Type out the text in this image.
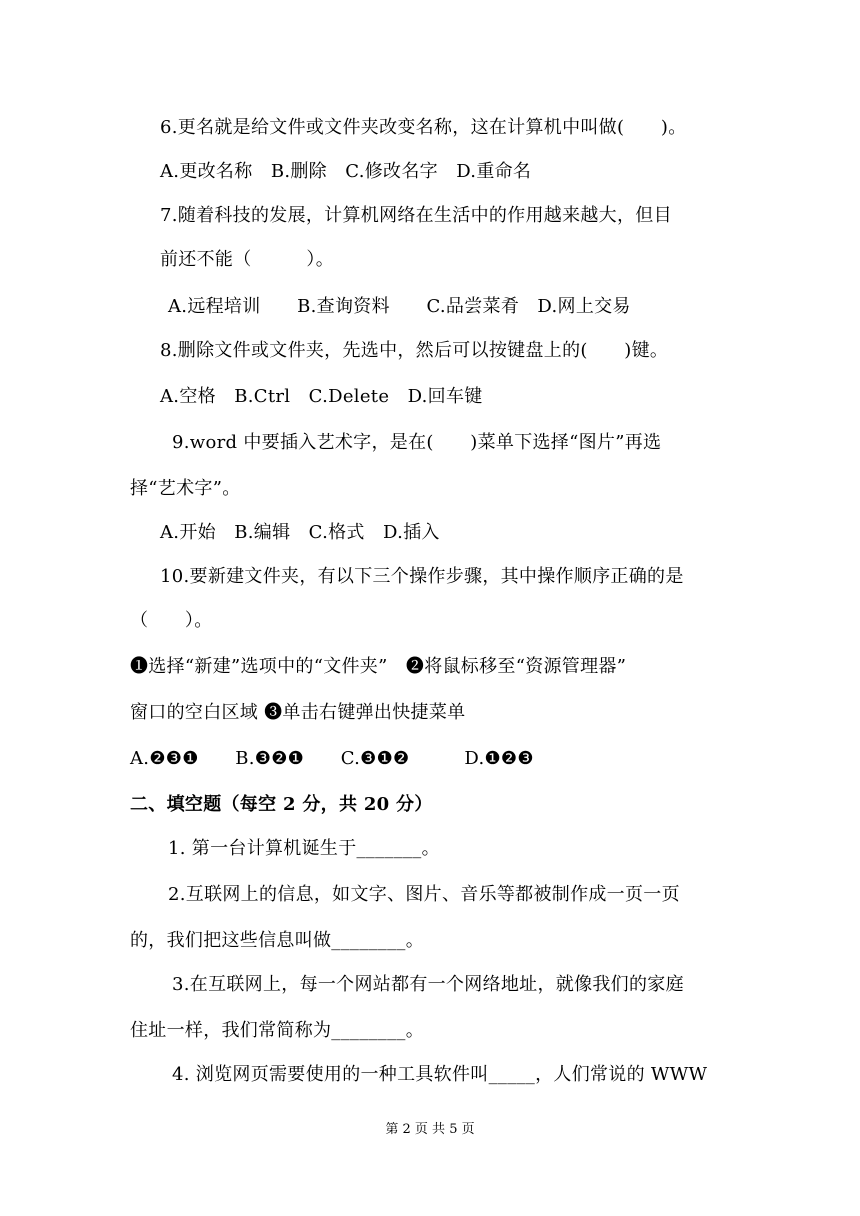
6.更名就是给文件或文件夹改变名称，这在计算机中叫做(　　)。
A.更改名称　B.删除　C.修改名字　D.重命名
7.随着科技的发展，计算机网络在生活中的作用越来越大，但目
前还不能（　　　）。
A.远程培训　　B.查询资料　　C.品尝菜肴　D.网上交易
8.删除文件或文件夹，先选中，然后可以按键盘上的(　　)键。
A.空格　B.Ctrl　C.Delete　D.回车键
9.word 中要插入艺术字，是在(　　)菜单下选择“图片”再选
择“艺术字”。
A.开始　B.编辑　C.格式　D.插入
10.要新建文件夹，有以下三个操作步骤，其中操作顺序正确的是
（　　）。
❶选择“新建”选项中的“文件夹”　❷将鼠标移至“资源管理器”
窗口的空白区域 ❸单击右键弹出快捷菜单
A.❷❸❶　　B.❸❷❶　　C.❸❶❷　　　D.❶❷❸
二、填空题（每空 2 分，共 20 分）
1. 第一台计算机诞生于_______。
2.互联网上的信息，如文字、图片、音乐等都被制作成一页一页
的，我们把这些信息叫做________。
3.在互联网上，每一个网站都有一个网络地址，就像我们的家庭
住址一样，我们常简称为________。
4. 浏览网页需要使用的一种工具软件叫_____，人们常说的 WWW
第 2 页 共 5 页
